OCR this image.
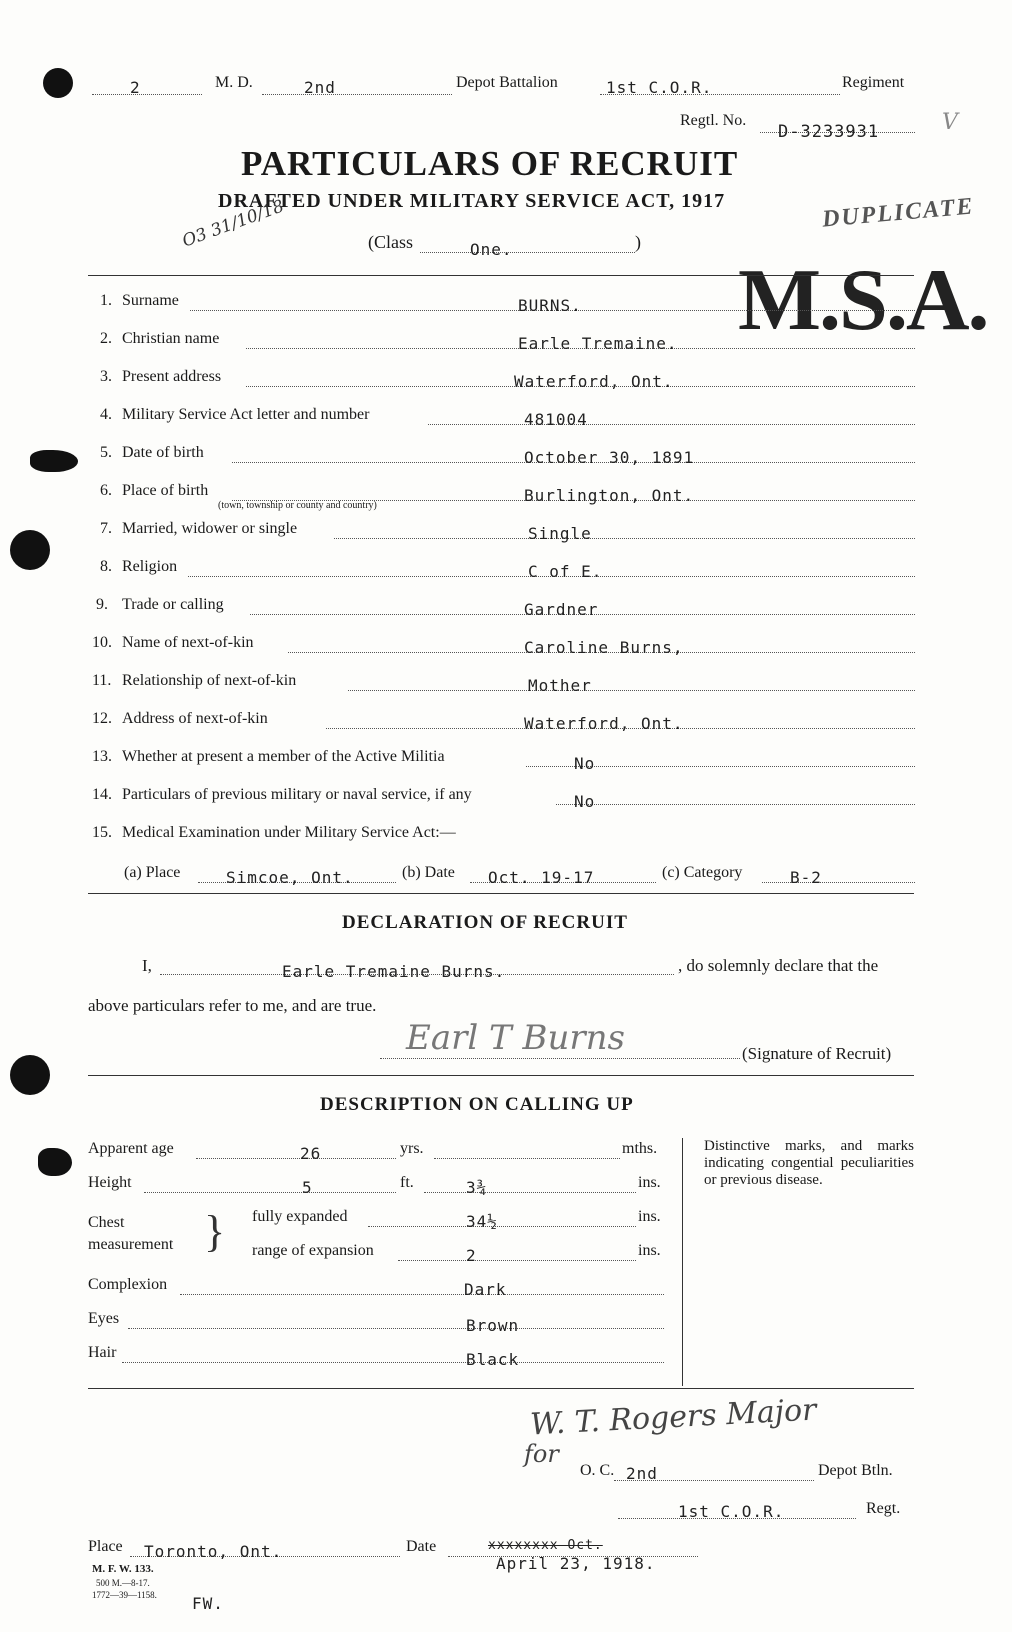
2	M. D.	2nd	Depot Battalion	1st C.O.R.	Regiment
Regtl. No.
D-3233931	V
PARTICULARS OF RECRUIT
DRAFTED UNDER MILITARY SERVICE ACT, 1917
(Class	One.	)
DUPLICATE
O3 31/10/18
M.S.A.
1. Surname	BURNS.
2. Christian name	Earle Tremaine.
3. Present address	Waterford, Ont.
4. Military Service Act letter and number	481004
5. Date of birth	October 30, 1891
6. Place of birth
(town, township or county and country)
Burlington, Ont.
7. Married, widower or single	Single
8. Religion	C of E.
9. Trade or calling	Gardner
10. Name of next-of-kin	Caroline Burns,
11. Relationship of next-of-kin	Mother
12. Address of next-of-kin	Waterford, Ont.
13. Whether at present a member of the Active Militia	No
14. Particulars of previous military or naval service, if any	No
15. Medical Examination under Military Service Act:—
(a) Place	Simcoe, Ont.	(b) Date Oct. 19-17	(c) Category	B-2
DECLARATION OF RECRUIT
I,	Earle Tremaine Burns.	, do solemnly declare that the
above particulars refer to me, and are true.
Earl T Burns	(Signature of Recruit)
DESCRIPTION ON CALLING UP
Apparent age	26	yrs.	mths.
Height	5	ft.	3¾	ins.
Chest
measurement } fully expanded	34½	ins.
range of expansion	2	ins.
Complexion	Dark
Eyes	Brown
Hair	Black
Distinctive marks, and marks indicating congential peculiarities or previous disease.
W. T. Rogers Major
for
O. C. 2nd	Depot Btln.
1st C.O.R.	Regt.
Place Toronto, Ont.	Date	xxxxxxxx Oct.
April 23, 1918.
M. F. W. 133.
500 M.—8-17.
1772—39—1158. FW.
